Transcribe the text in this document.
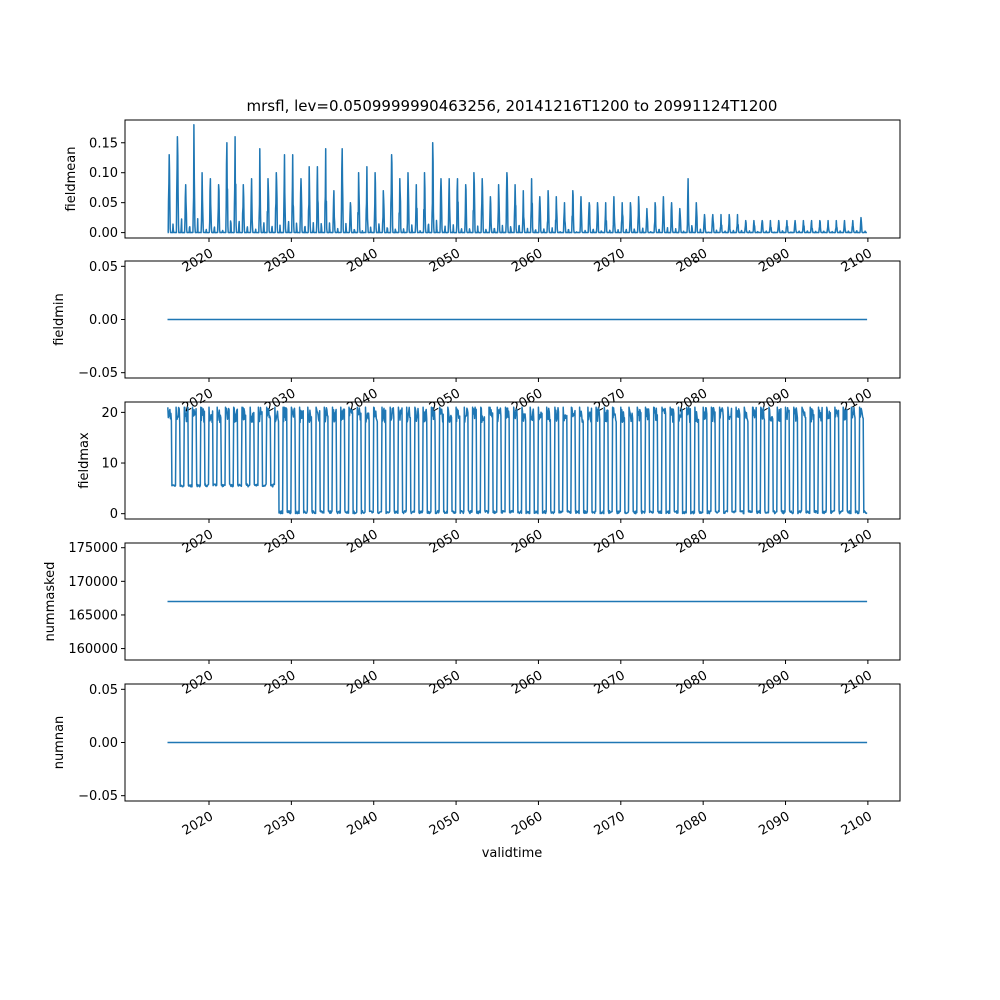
mrsfl, lev=0.0509999990463256, 20141216T1200 to 20991124T1200
0.00
0.05
0.10
0.15
2020	2030	2040	2050	2060	2070	2080	2090	2100
fieldmean
−0.05
0.00
0.05
2020	2030	2040	2050	2060	2070	2080	2090	2100
fieldmin
0
10
20
2020	2030	2040	2050	2060	2070	2080	2090	2100
fieldmax
160000
165000
170000
175000
2020	2030	2040	2050	2060	2070	2080	2090	2100
nummasked
−0.05
0.00
0.05
2020	2030	2040	2050	2060	2070	2080	2090	2100
numnan
validtime
